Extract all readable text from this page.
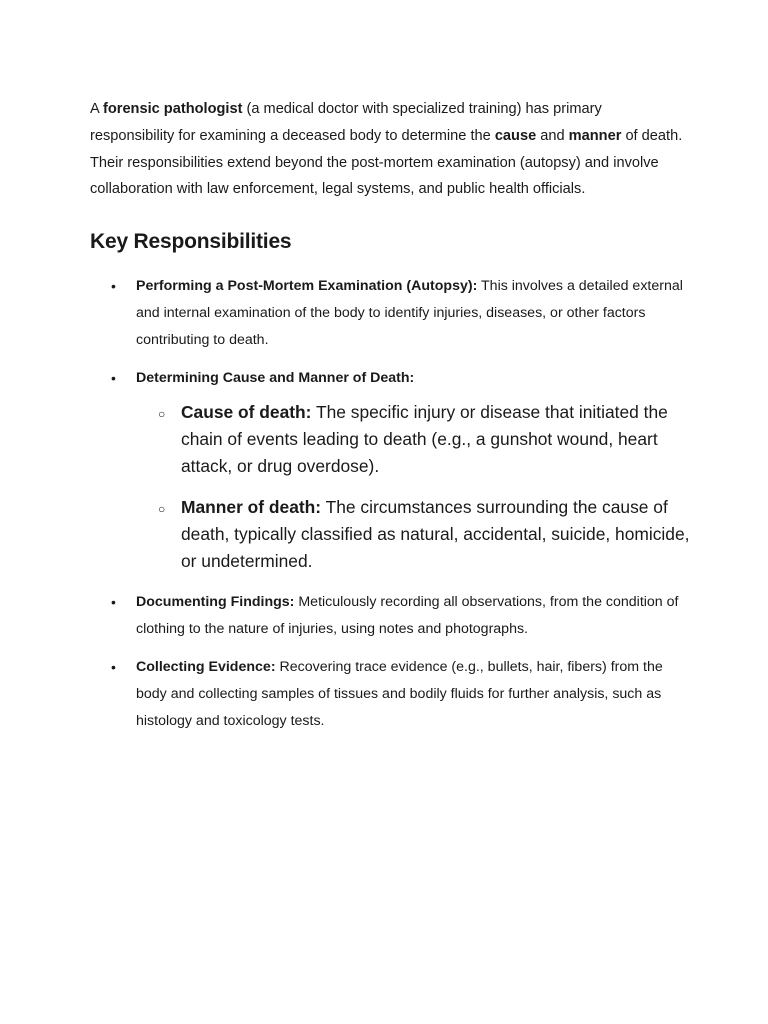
A forensic pathologist (a medical doctor with specialized training) has primary responsibility for examining a deceased body to determine the cause and manner of death. Their responsibilities extend beyond the post-mortem examination (autopsy) and involve collaboration with law enforcement, legal systems, and public health officials.

Key Responsibilities
• Performing a Post-Mortem Examination (Autopsy): This involves a detailed external and internal examination of the body to identify injuries, diseases, or other factors contributing to death.
• Determining Cause and Manner of Death:
○ Cause of death: The specific injury or disease that initiated the chain of events leading to death (e.g., a gunshot wound, heart attack, or drug overdose).
○ Manner of death: The circumstances surrounding the cause of death, typically classified as natural, accidental, suicide, homicide, or undetermined.
• Documenting Findings: Meticulously recording all observations, from the condition of clothing to the nature of injuries, using notes and photographs.
• Collecting Evidence: Recovering trace evidence (e.g., bullets, hair, fibers) from the body and collecting samples of tissues and bodily fluids for further analysis, such as histology and toxicology tests.
